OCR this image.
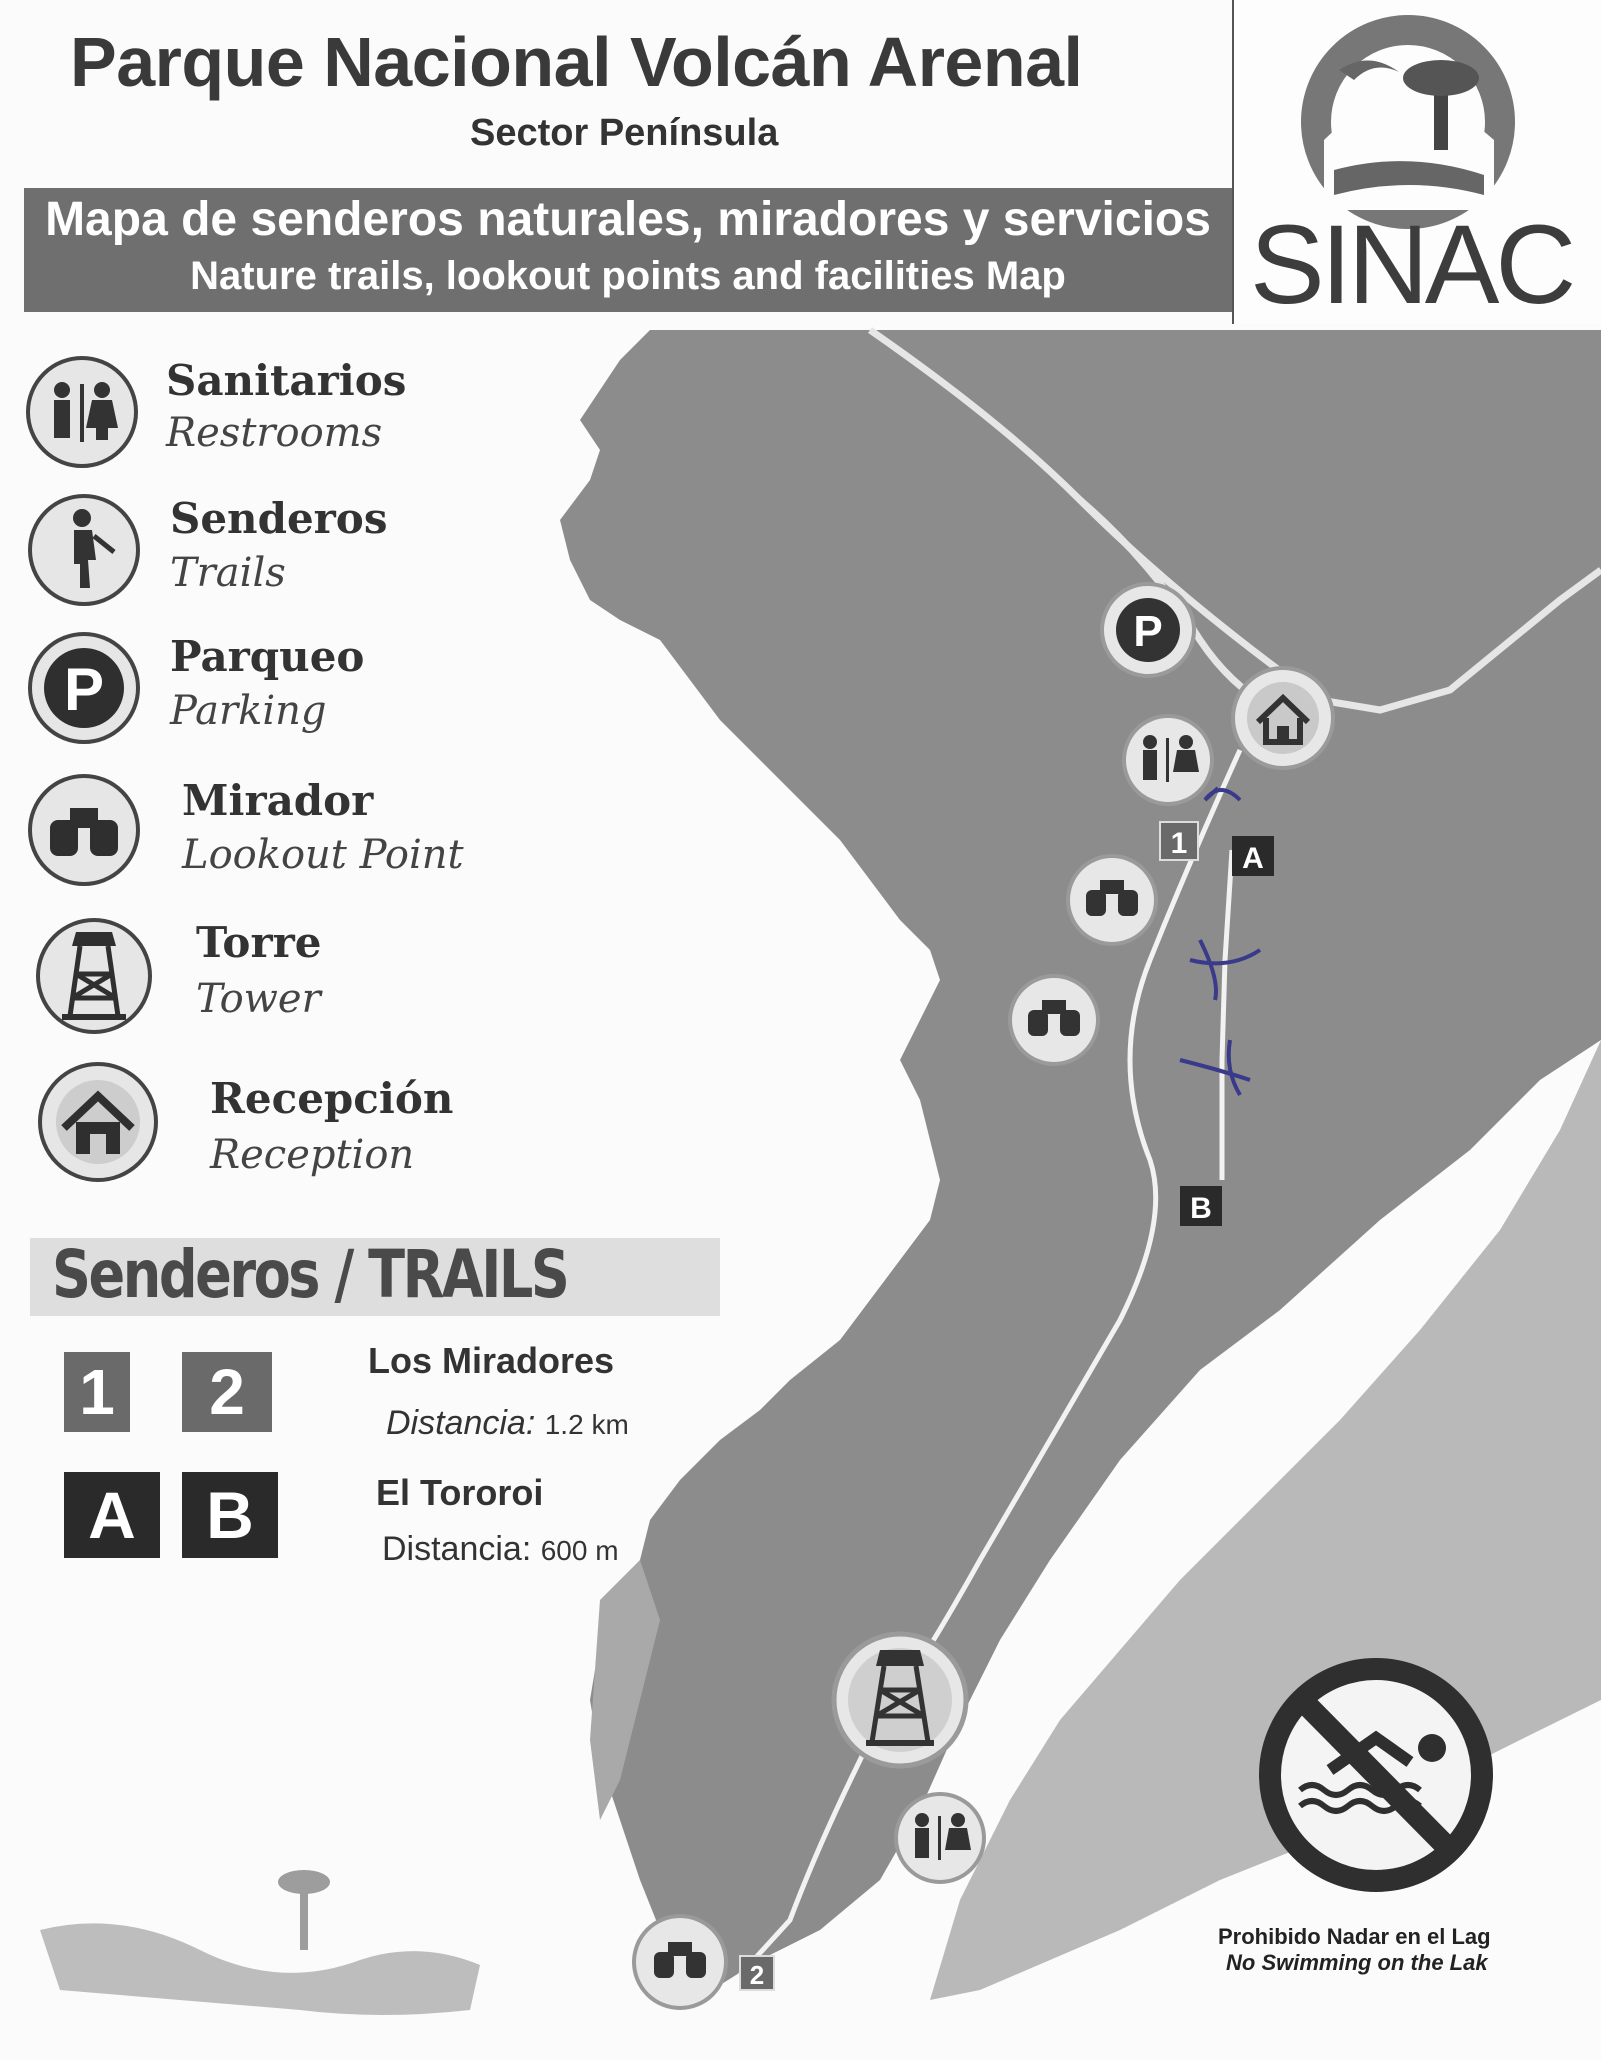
Parque Nacional Volcán Arenal
Sector Península
Mapa de senderos naturales, miradores y servicios
Nature trails, lookout points and facilities Map	SINAC
P
1 A
B
2
Prohibido Nadar en el Lag
No Swimming on the Lak
Sanitarios
Restrooms
Senderos
Trails
P Parqueo
Parking
Mirador
Lookout Point
Torre
Tower
Recepción
Reception
Senderos / TRAILS
1	2	Los Miradores
Distancia: 1.2 km
A	B	El Tororoi
Distancia: 600 m
